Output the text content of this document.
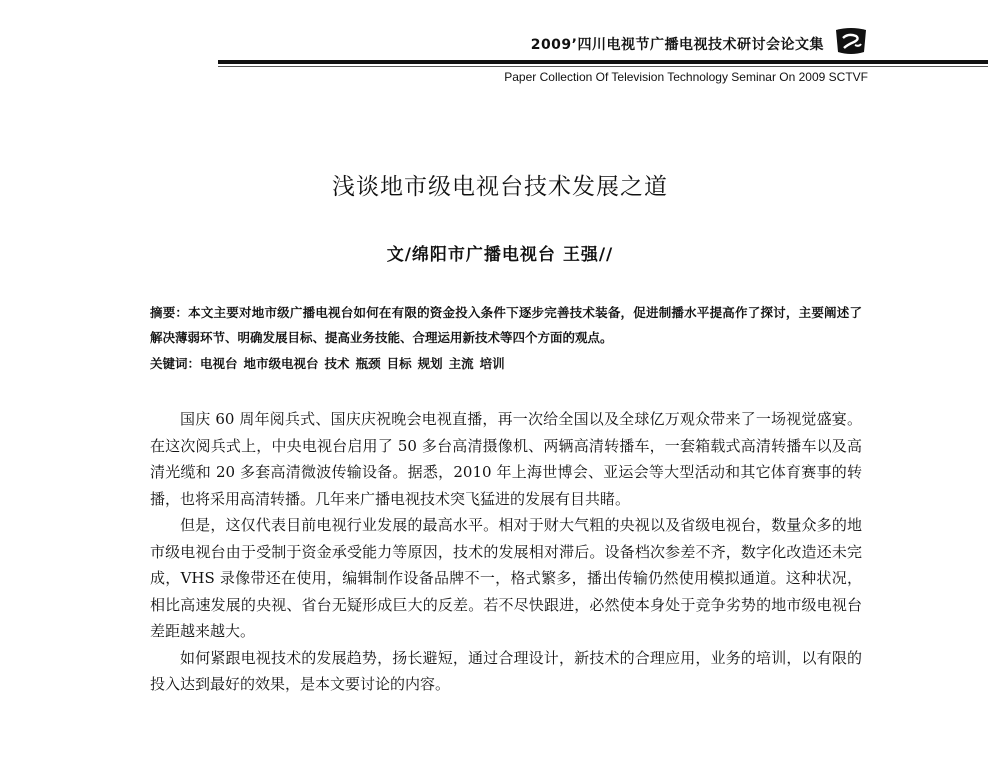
2009’四川电视节广播电视技术研讨会论文集
Paper Collection Of Television Technology Seminar On 2009 SCTVF
浅谈地市级电视台技术发展之道
文/绵阳市广播电视台 王强//
摘要：本文主要对地市级广播电视台如何在有限的资金投入条件下逐步完善技术装备，促进制播水平提高作了探讨，主要阐述了解决薄弱环节、明确发展目标、提高业务技能、合理运用新技术等四个方面的观点。
关键词：电视台 地市级电视台 技术 瓶颈 目标 规划 主流 培训

国庆 60 周年阅兵式、国庆庆祝晚会电视直播，再一次给全国以及全球亿万观众带来了一场视觉盛宴。在这次阅兵式上，中央电视台启用了 50 多台高清摄像机、两辆高清转播车，一套箱载式高清转播车以及高清光缆和 20 多套高清微波传输设备。据悉，2010 年上海世博会、亚运会等大型活动和其它体育赛事的转播，也将采用高清转播。几年来广播电视技术突飞猛进的发展有目共睹。

但是，这仅代表目前电视行业发展的最高水平。相对于财大气粗的央视以及省级电视台，数量众多的地市级电视台由于受制于资金承受能力等原因，技术的发展相对滞后。设备档次参差不齐，数字化改造还未完成，VHS 录像带还在使用，编辑制作设备品牌不一，格式繁多，播出传输仍然使用模拟通道。这种状况，相比高速发展的央视、省台无疑形成巨大的反差。若不尽快跟进，必然使本身处于竞争劣势的地市级电视台差距越来越大。

如何紧跟电视技术的发展趋势，扬长避短，通过合理设计，新技术的合理应用，业务的培训，以有限的投入达到最好的效果，是本文要讨论的内容。
